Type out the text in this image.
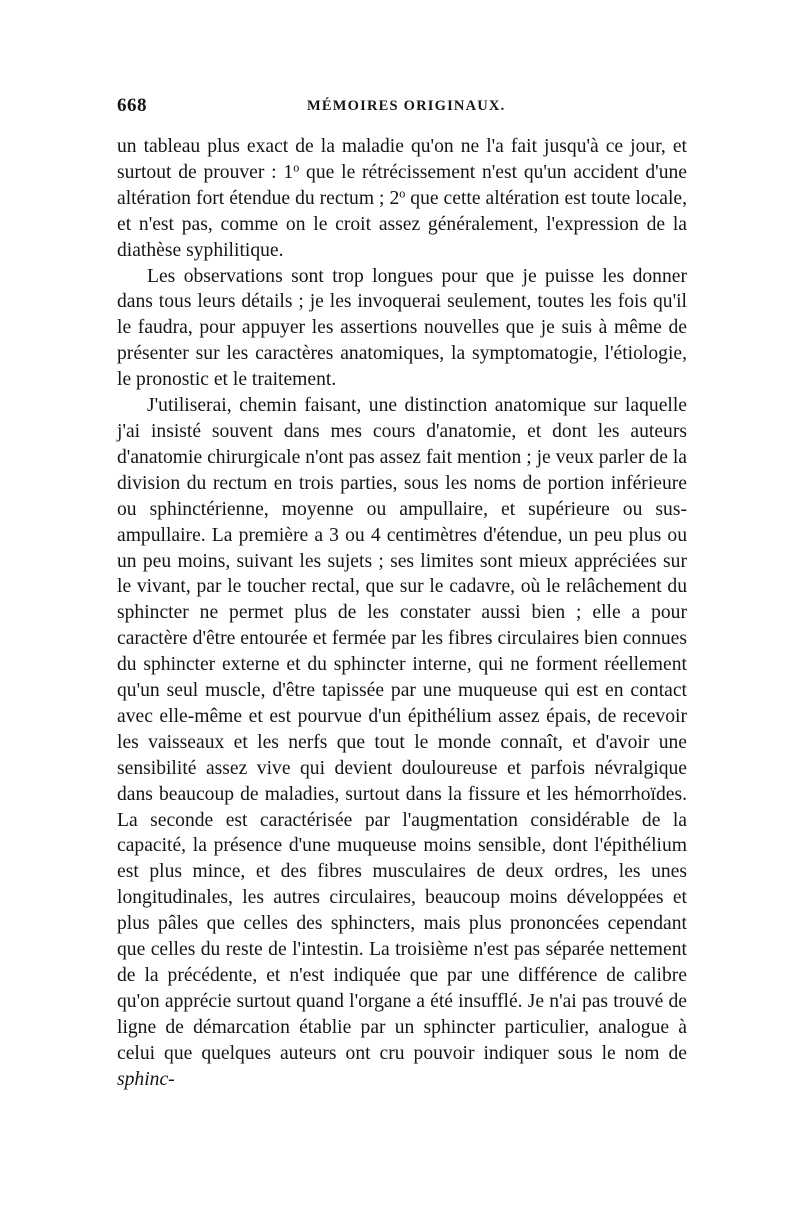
668	MÉMOIRES ORIGINAUX.

un tableau plus exact de la maladie qu'on ne l'a fait jusqu'à ce jour, et surtout de prouver : 1$^o$ que le rétrécissement n'est qu'un accident d'une altération fort étendue du rectum ; 2$^o$ que cette altération est toute locale, et n'est pas, comme on le croit assez généralement, l'expression de la diathèse syphilitique.

Les observations sont trop longues pour que je puisse les donner dans tous leurs détails ; je les invoquerai seulement, toutes les fois qu'il le faudra, pour appuyer les assertions nouvelles que je suis à même de présenter sur les caractères anatomiques, la symptomatogie, l'étiologie, le pronostic et le traitement.

J'utiliserai, chemin faisant, une distinction anatomique sur laquelle j'ai insisté souvent dans mes cours d'anatomie, et dont les auteurs d'anatomie chirurgicale n'ont pas assez fait mention ; je veux parler de la division du rectum en trois parties, sous les noms de portion inférieure ou sphinctérienne, moyenne ou ampullaire, et supérieure ou sus-ampullaire. La première a 3 ou 4 centimètres d'étendue, un peu plus ou un peu moins, suivant les sujets ; ses limites sont mieux appréciées sur le vivant, par le toucher rectal, que sur le cadavre, où le relâchement du sphincter ne permet plus de les constater aussi bien ; elle a pour caractère d'être entourée et fermée par les fibres circulaires bien connues du sphincter externe et du sphincter interne, qui ne forment réellement qu'un seul muscle, d'être tapissée par une muqueuse qui est en contact avec elle-même et est pourvue d'un épithélium assez épais, de recevoir les vaisseaux et les nerfs que tout le monde connaît, et d'avoir une sensibilité assez vive qui devient douloureuse et parfois névralgique dans beaucoup de maladies, surtout dans la fissure et les hémorrhoïdes. La seconde est caractérisée par l'augmentation considérable de la capacité, la présence d'une muqueuse moins sensible, dont l'épithélium est plus mince, et des fibres musculaires de deux ordres, les unes longitudinales, les autres circulaires, beaucoup moins développées et plus pâles que celles des sphincters, mais plus prononcées cependant que celles du reste de l'intestin. La troisième n'est pas séparée nettement de la précédente, et n'est indiquée que par une différence de calibre qu'on apprécie surtout quand l'organe a été insufflé. Je n'ai pas trouvé de ligne de démarcation établie par un sphincter particulier, analogue à celui que quelques auteurs ont cru pouvoir indiquer sous le nom de sphinc-
